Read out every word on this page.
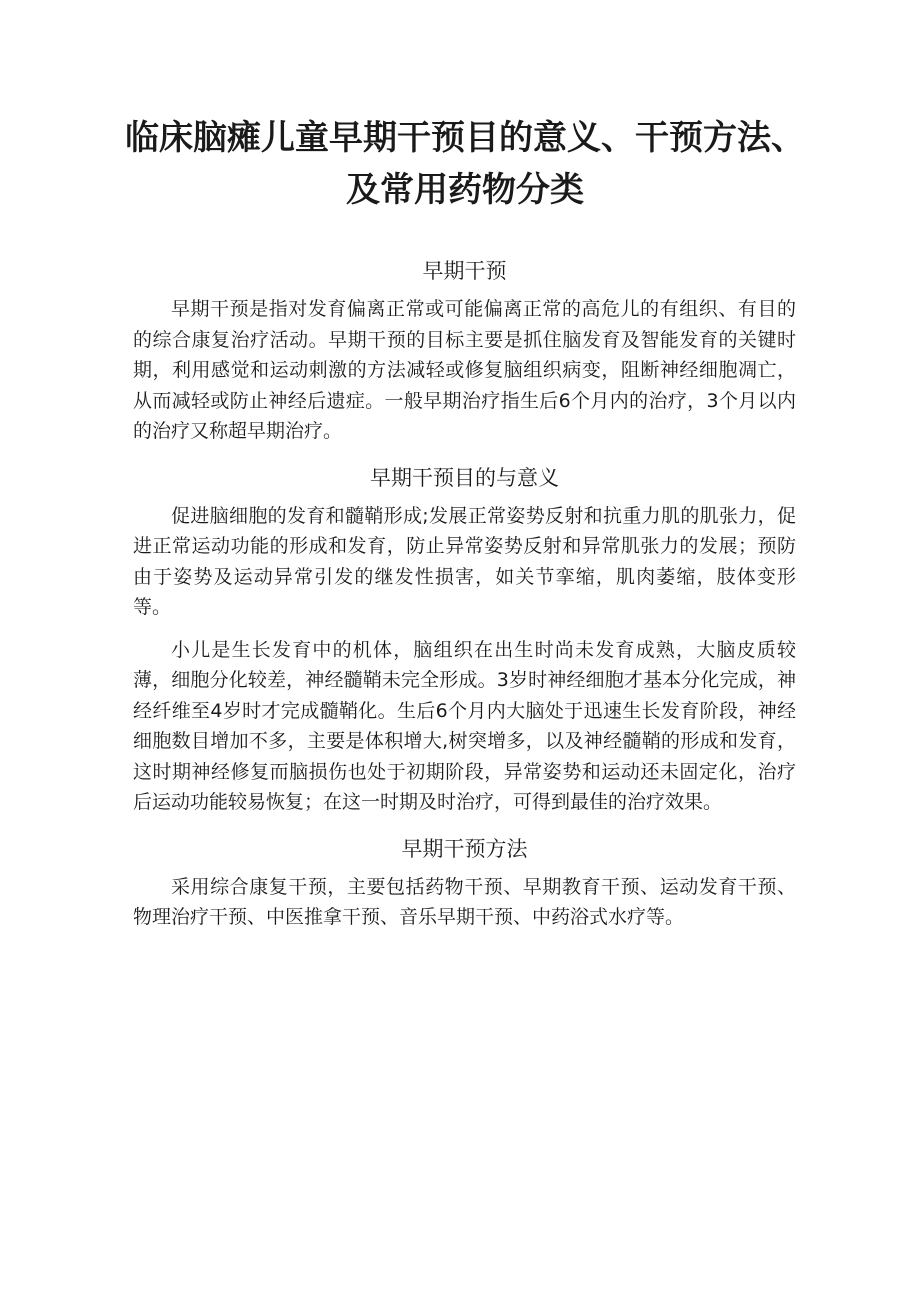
临床脑瘫儿童早期干预目的意义、干预方法、及常用药物分类
早期干预

早期干预是指对发育偏离正常或可能偏离正常的高危儿的有组织、有目的的综合康复治疗活动。早期干预的目标主要是抓住脑发育及智能发育的关键时期，利用感觉和运动刺激的方法减轻或修复脑组织病变，阻断神经细胞凋亡，从而减轻或防止神经后遗症。一般早期治疗指生后6个月内的治疗，3个月以内的治疗又称超早期治疗。

早期干预目的与意义

促进脑细胞的发育和髓鞘形成;发展正常姿势反射和抗重力肌的肌张力，促进正常运动功能的形成和发育，防止异常姿势反射和异常肌张力的发展；预防由于姿势及运动异常引发的继发性损害，如关节挛缩，肌肉萎缩，肢体变形等。

小儿是生长发育中的机体，脑组织在出生时尚未发育成熟，大脑皮质较薄，细胞分化较差，神经髓鞘未完全形成。3岁时神经细胞才基本分化完成，神经纤维至4岁时才完成髓鞘化。生后6个月内大脑处于迅速生长发育阶段，神经细胞数目增加不多，主要是体积增大,树突增多，以及神经髓鞘的形成和发育，这时期神经修复而脑损伤也处于初期阶段，异常姿势和运动还未固定化，治疗后运动功能较易恢复；在这一时期及时治疗，可得到最佳的治疗效果。

早期干预方法

采用综合康复干预，主要包括药物干预、早期教育干预、运动发育干预、物理治疗干预、中医推拿干预、音乐早期干预、中药浴式水疗等。
